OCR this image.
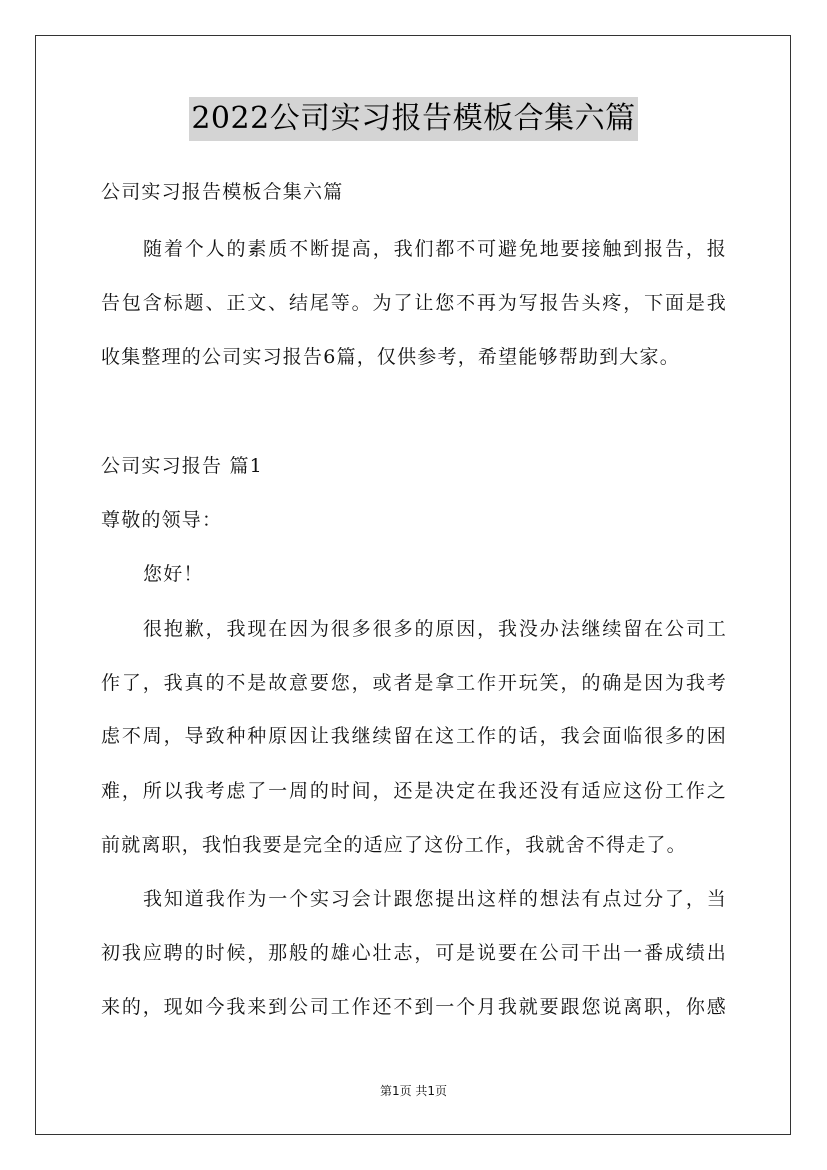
2022公司实习报告模板合集六篇
公司实习报告模板合集六篇
随着个人的素质不断提高，我们都不可避免地要接触到报告，报
告包含标题、正文、结尾等。为了让您不再为写报告头疼，下面是我
收集整理的公司实习报告6篇，仅供参考，希望能够帮助到大家。
公司实习报告 篇1
尊敬的领导：
您好！
很抱歉，我现在因为很多很多的原因，我没办法继续留在公司工
作了，我真的不是故意要您，或者是拿工作开玩笑，的确是因为我考
虑不周，导致种种原因让我继续留在这工作的话，我会面临很多的困
难，所以我考虑了一周的时间，还是决定在我还没有适应这份工作之
前就离职，我怕我要是完全的适应了这份工作，我就舍不得走了。
我知道我作为一个实习会计跟您提出这样的想法有点过分了，当
初我应聘的时候，那般的雄心壮志，可是说要在公司干出一番成绩出
来的，现如今我来到公司工作还不到一个月我就要跟您说离职，你感
第1页 共1页
